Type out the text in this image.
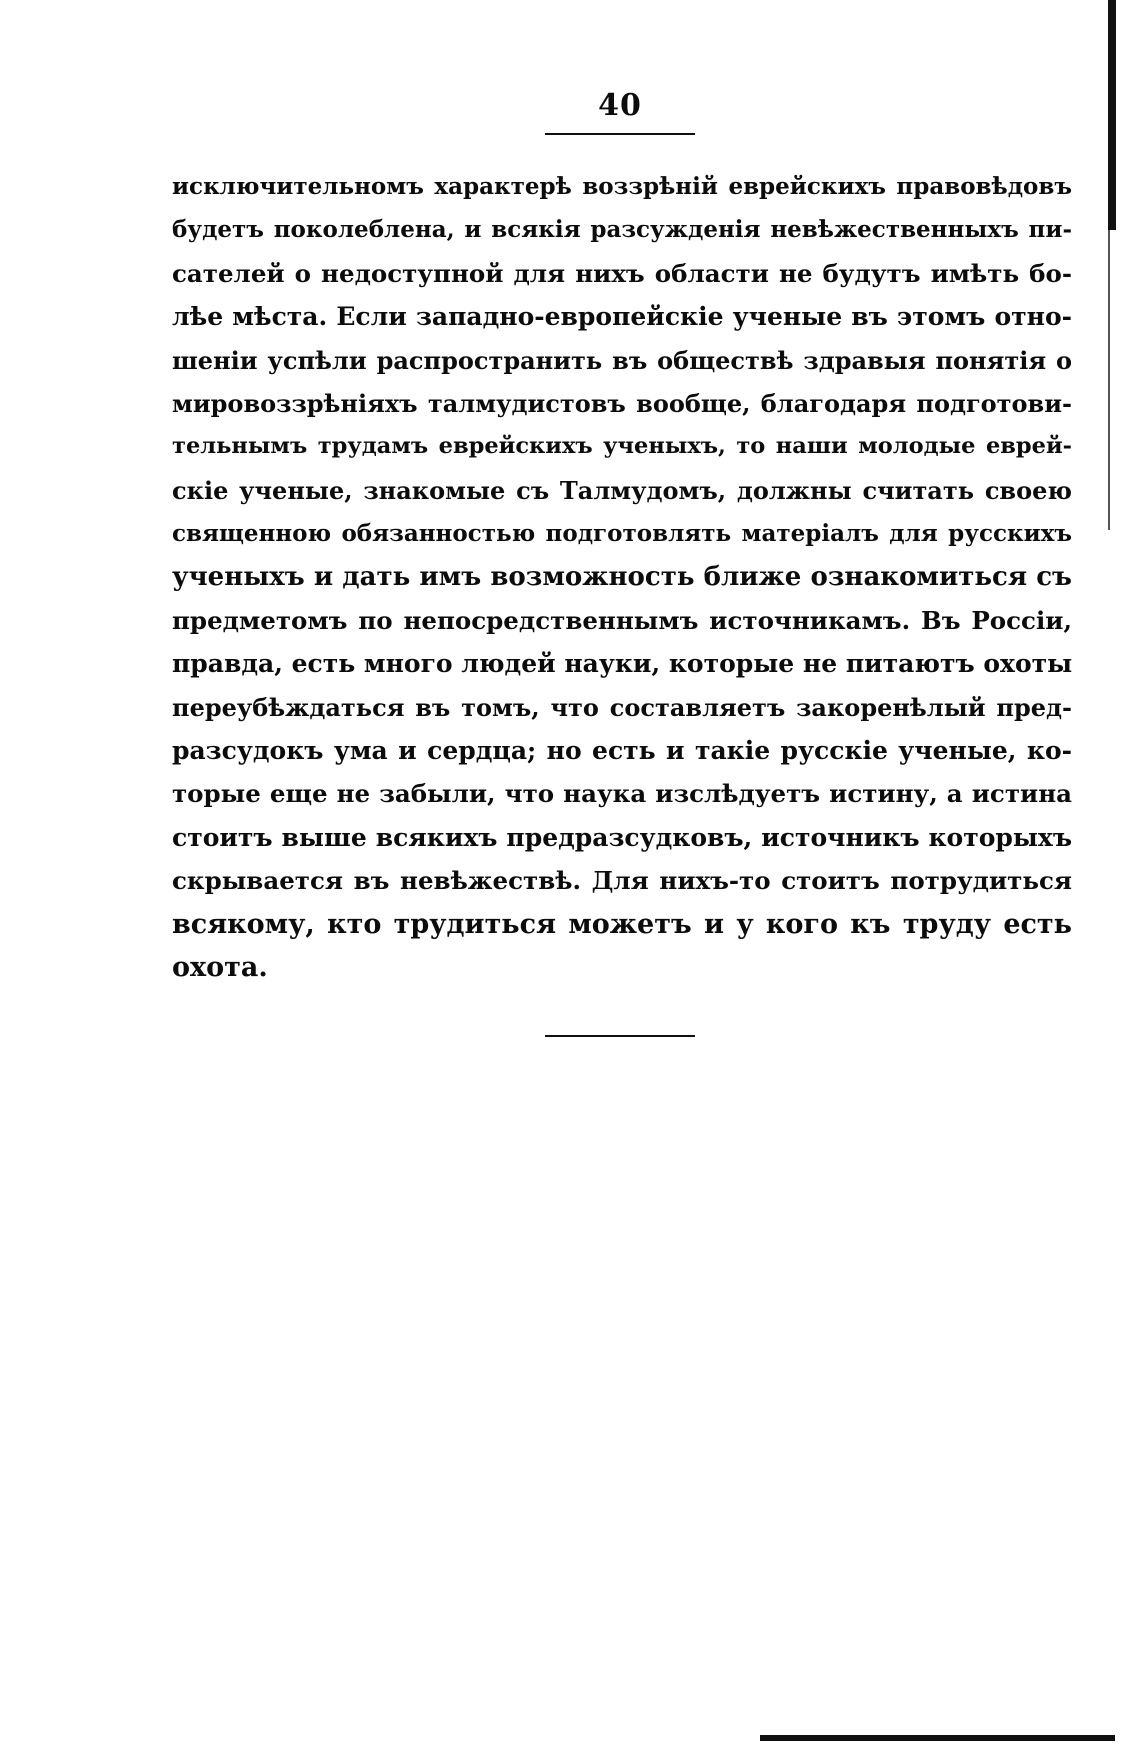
40
исключительномъ характерѣ воззрѣній еврейскихъ правовѣдовъ
будетъ поколеблена, и всякія разсужденія невѣжественныхъ пи-
сателей о недоступной для нихъ области не будутъ имѣть бо-
лѣе мѣста. Если западно-европейскіе ученые въ этомъ отно-
шеніи успѣли распространить въ обществѣ здравыя понятія о
мировоззрѣніяхъ талмудистовъ вообще, благодаря подготови-
тельнымъ трудамъ еврейскихъ ученыхъ, то наши молодые еврей-
скіе ученые, знакомые съ Талмудомъ, должны считать своею
священною обязанностью подготовлять матеріалъ для русскихъ
ученыхъ и дать имъ возможность ближе ознакомиться съ
предметомъ по непосредственнымъ источникамъ. Въ Россіи,
правда, есть много людей науки, которые не питаютъ охоты
переубѣждаться въ томъ, что составляетъ закоренѣлый пред-
разсудокъ ума и сердца; но есть и такіе русскіе ученые, ко-
торые еще не забыли, что наука изслѣдуетъ истину, а истина
стоитъ выше всякихъ предразсудковъ, источникъ которыхъ
скрывается въ невѣжествѣ. Для нихъ-то стоитъ потрудиться
всякому, кто трудиться можетъ и у кого къ труду есть
охота.
